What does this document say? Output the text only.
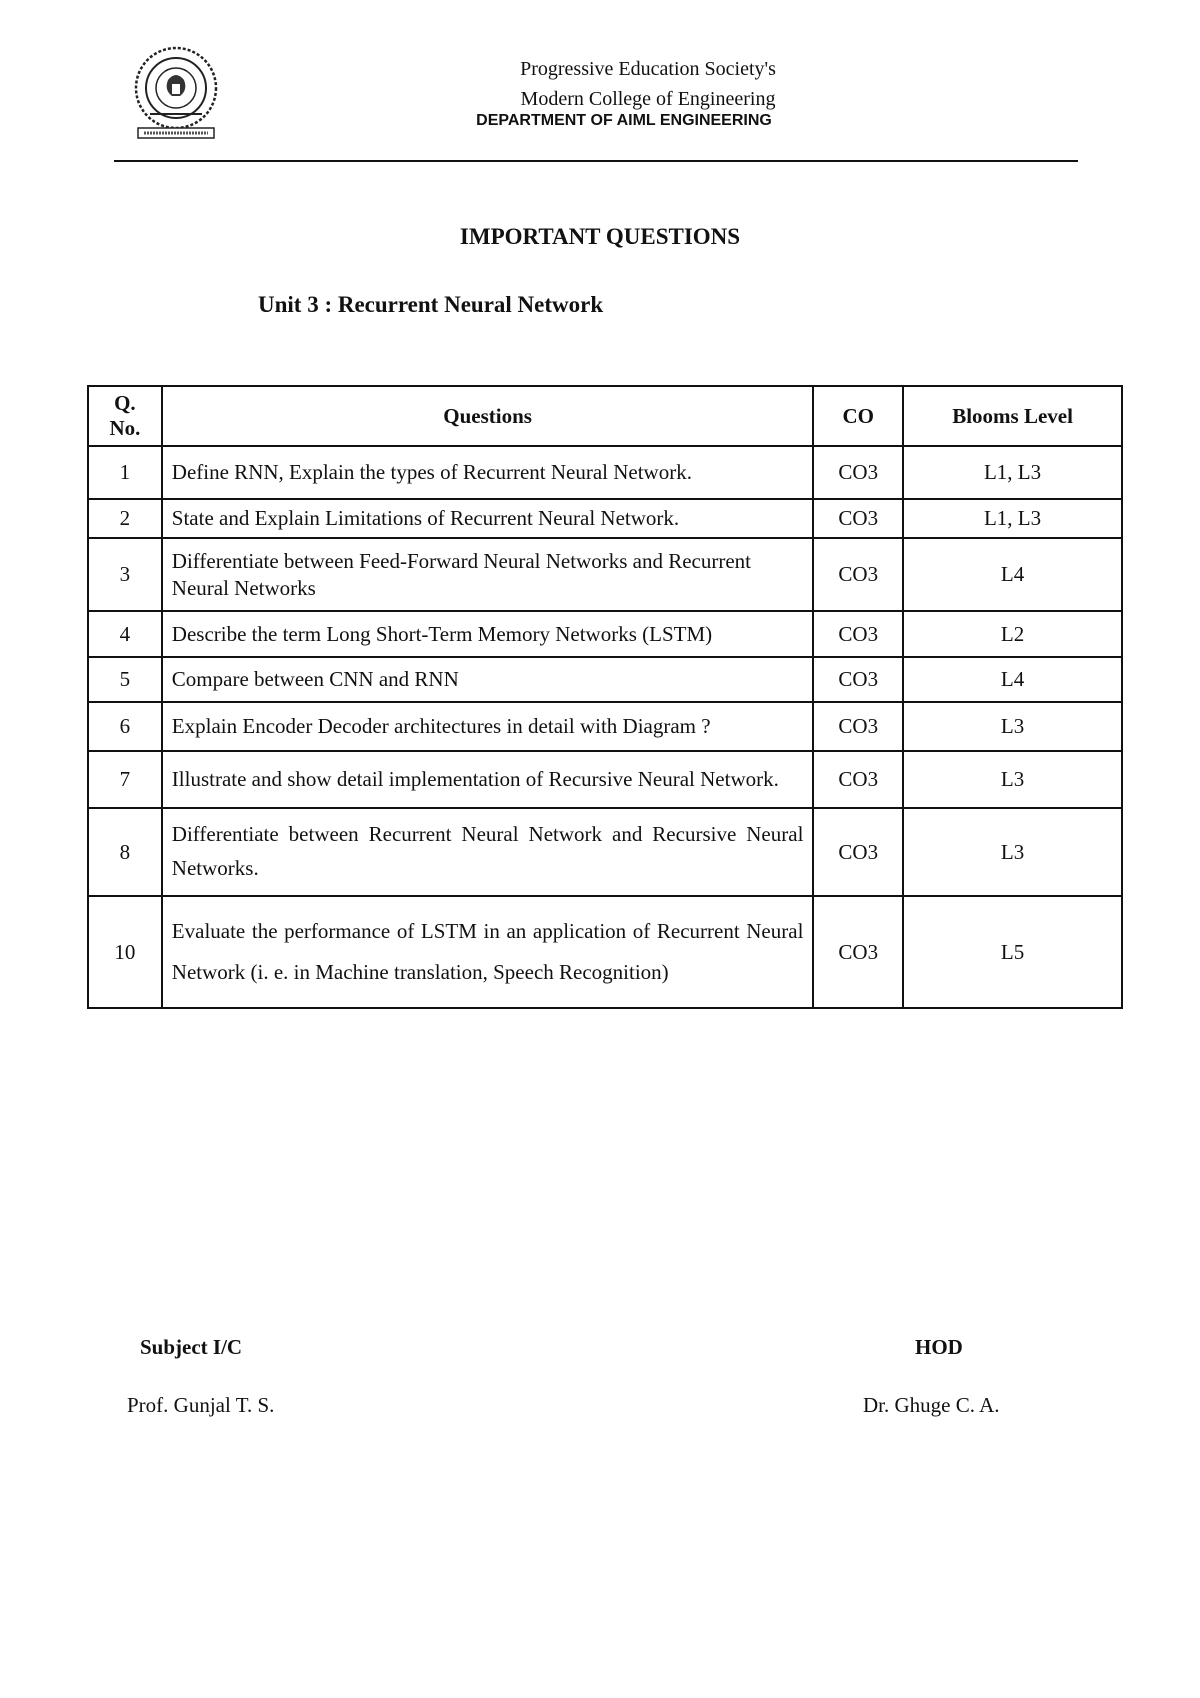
Progressive Education Society's
Modern College of Engineering
DEPARTMENT OF AIML ENGINEERING
IMPORTANT QUESTIONS
Unit 3 : Recurrent Neural Network
Q. No.	Questions	CO	Blooms Level
1	Define RNN, Explain the types of Recurrent Neural Network.	CO3	L1, L3
2	State and Explain Limitations of Recurrent Neural Network.	CO3	L1, L3
3	Differentiate between Feed-Forward Neural Networks and Recurrent Neural Networks	CO3	L4
4	Describe the term Long Short-Term Memory Networks (LSTM)	CO3	L2
5	Compare between CNN and RNN	CO3	L4
6	Explain Encoder Decoder architectures in detail with Diagram ?	CO3	L3
7	Illustrate and show detail implementation of Recursive Neural Network.	CO3	L3
8	Differentiate between Recurrent Neural Network and Recursive Neural Networks.	CO3	L3
10	Evaluate the performance of LSTM in an application of Recurrent Neural Network (i. e. in Machine translation, Speech Recognition)	CO3	L5
Subject I/C
Prof. Gunjal T. S.
HOD
Dr. Ghuge C. A.
